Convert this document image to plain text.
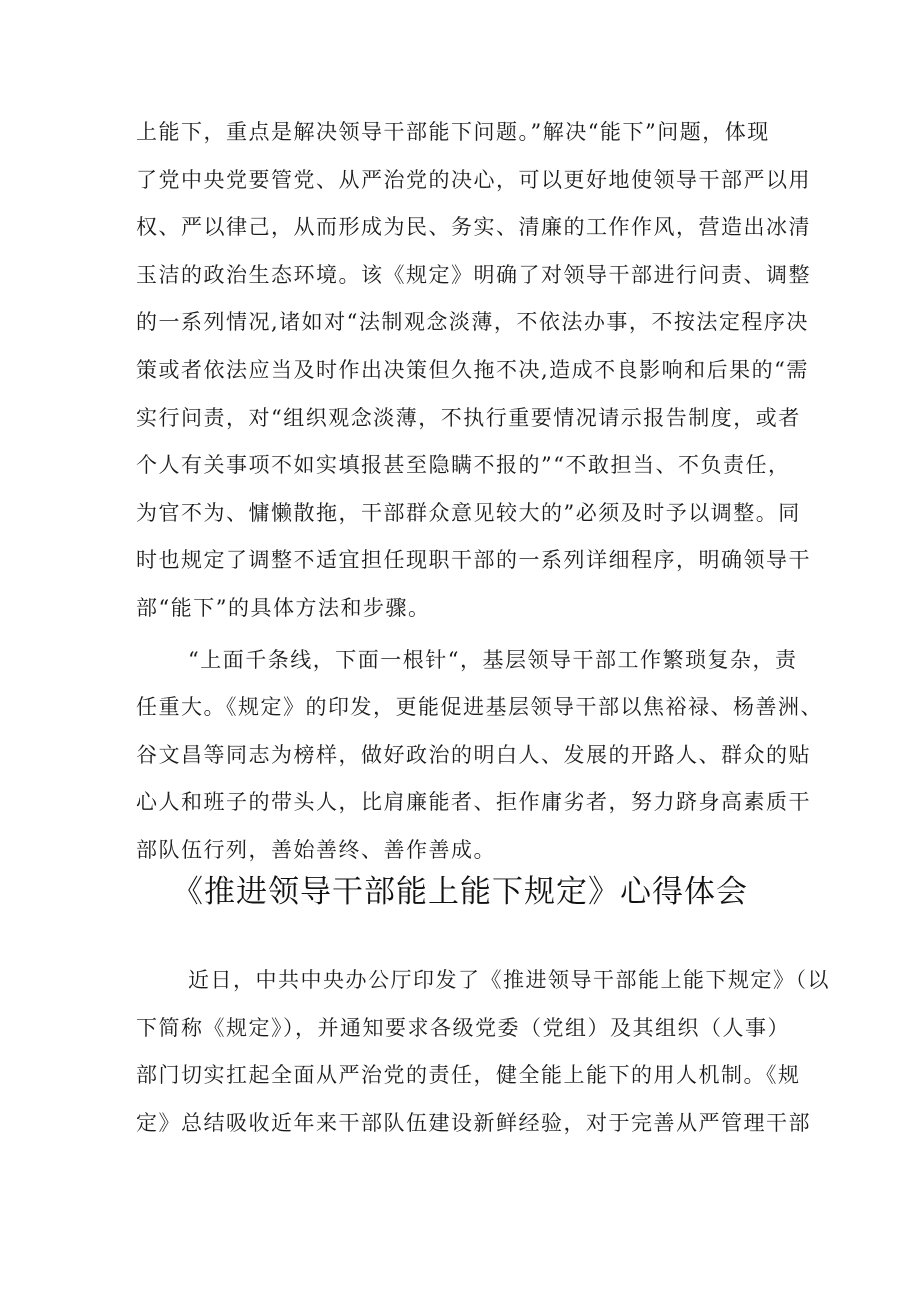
上能下，重点是解决领导干部能下问题。”解决“能下”问题，体现
了党中央党要管党、从严治党的决心，可以更好地使领导干部严以用
权、严以律己，从而形成为民、务实、清廉的工作作风，营造出冰清
玉洁的政治生态环境。该《规定》明确了对领导干部进行问责、调整
的一系列情况,诸如对“法制观念淡薄，不依法办事，不按法定程序决
策或者依法应当及时作出决策但久拖不决,造成不良影响和后果的“需
实行问责，对“组织观念淡薄，不执行重要情况请示报告制度，或者
个人有关事项不如实填报甚至隐瞒不报的”“不敢担当、不负责任，
为官不为、慵懒散拖，干部群众意见较大的”必须及时予以调整。同
时也规定了调整不适宜担任现职干部的一系列详细程序，明确领导干
部“能下”的具体方法和步骤。
“上面千条线，下面一根针“，基层领导干部工作繁琐复杂，责
任重大。《规定》的印发，更能促进基层领导干部以焦裕禄、杨善洲、
谷文昌等同志为榜样，做好政治的明白人、发展的开路人、群众的贴
心人和班子的带头人，比肩廉能者、拒作庸劣者，努力跻身高素质干
部队伍行列，善始善终、善作善成。
《推进领导干部能上能下规定》心得体会
近日，中共中央办公厅印发了《推进领导干部能上能下规定》（以
下简称《规定》），并通知要求各级党委（党组）及其组织（人事）
部门切实扛起全面从严治党的责任，健全能上能下的用人机制。《规
定》总结吸收近年来干部队伍建设新鲜经验，对于完善从严管理干部
